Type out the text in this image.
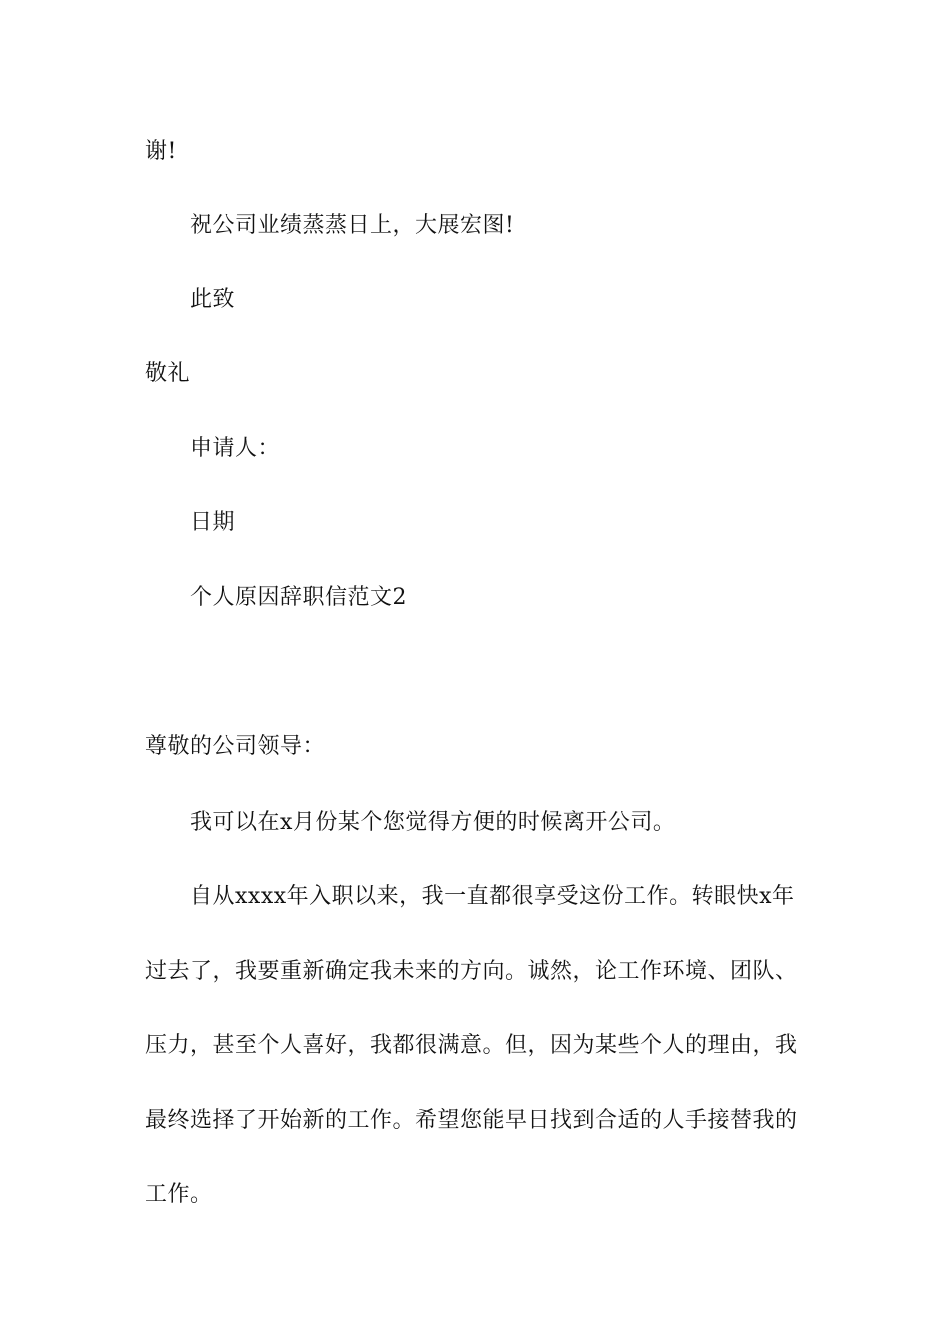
谢!
祝公司业绩蒸蒸日上，大展宏图!
此致
敬礼
申请人：
日期
个人原因辞职信范文2
尊敬的公司领导：
我可以在x月份某个您觉得方便的时候离开公司。
自从xxxx年入职以来，我一直都很享受这份工作。转眼快x年
过去了，我要重新确定我未来的方向。诚然，论工作环境、团队、
压力，甚至个人喜好，我都很满意。但，因为某些个人的理由，我
最终选择了开始新的工作。希望您能早日找到合适的人手接替我的
工作。
